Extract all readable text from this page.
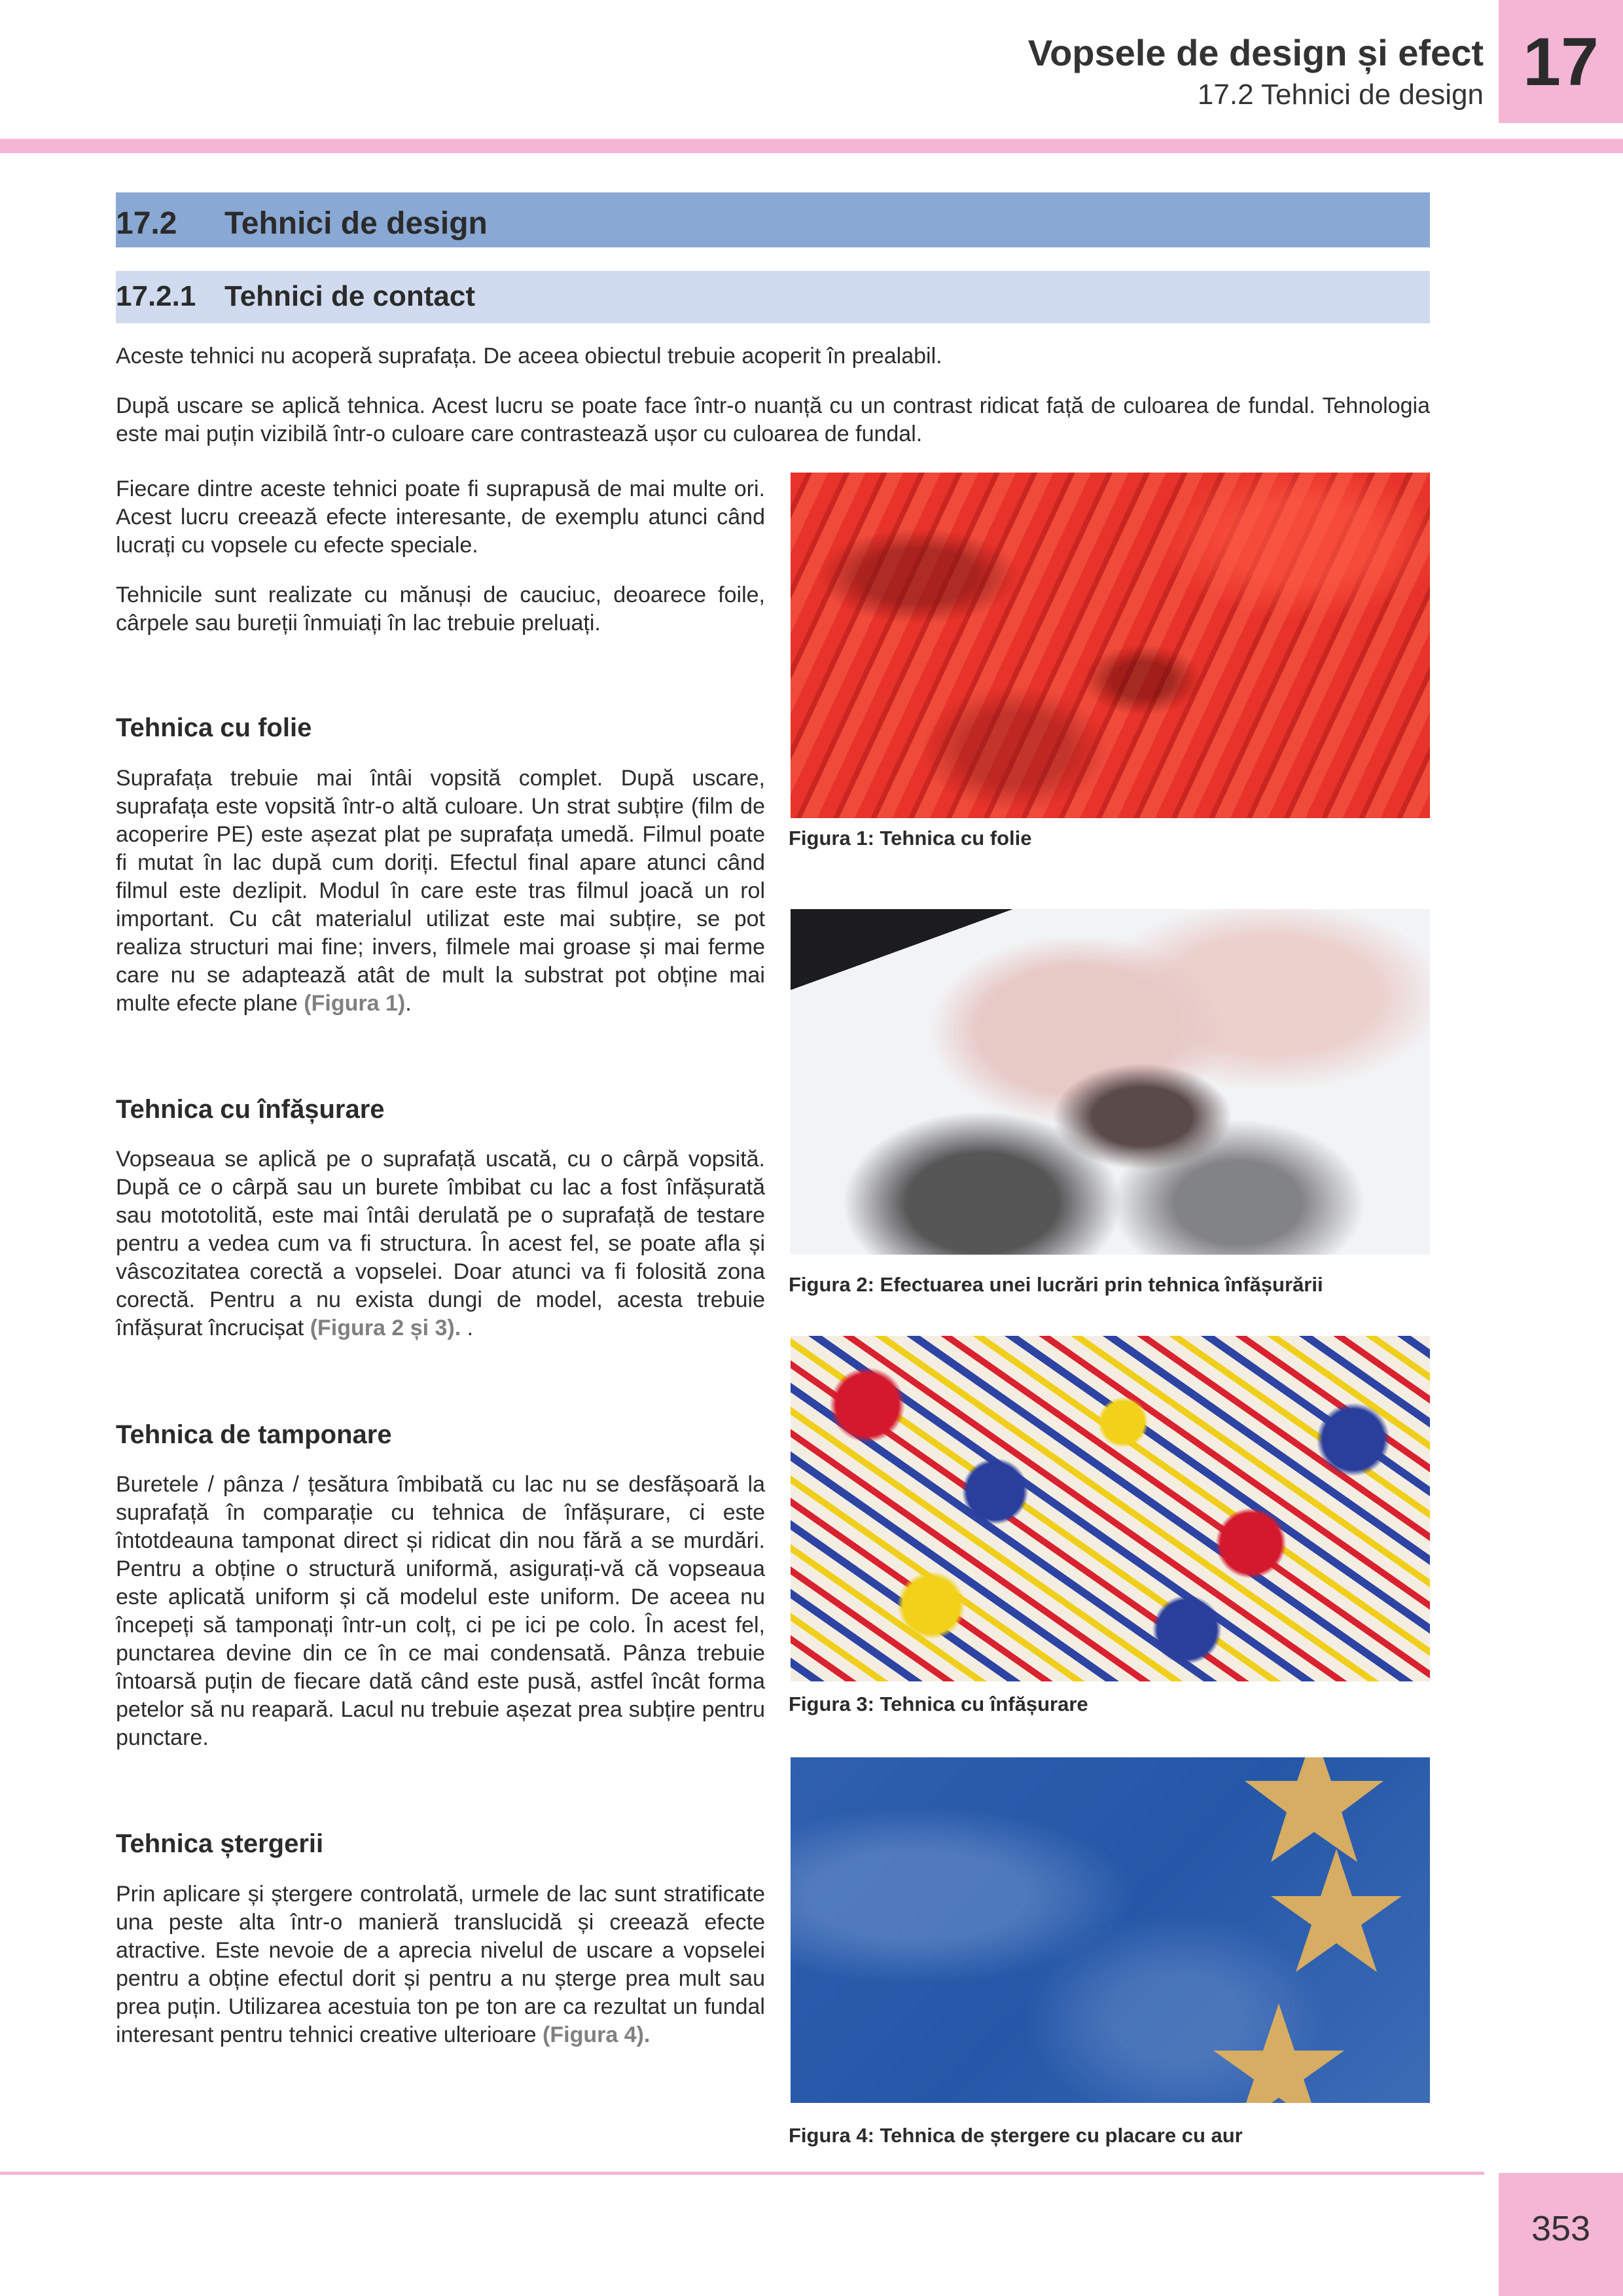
Vopsele de design și efect
17.2 Tehnici de design 17
17.2 Tehnici de design
17.2.1 Tehnici de contact

Aceste tehnici nu acoperă suprafața. De aceea obiectul trebuie acoperit în prealabil.

După uscare se aplică tehnica. Acest lucru se poate face într-o nuanță cu un contrast ridicat față de culoarea de fundal. Tehnologia este mai puțin vizibilă într-o culoare care contrastează ușor cu culoarea de fundal.

Fiecare dintre aceste tehnici poate fi suprapusă de mai multe ori. Acest lucru creează efecte interesante, de exemplu atunci când lucrați cu vopsele cu efecte speciale.

Tehnicile sunt realizate cu mănuși de cauciuc, deoarece foile, cârpele sau bureții înmuiați în lac trebuie preluați.

Tehnica cu folie

Suprafața trebuie mai întâi vopsită complet. După uscare, suprafața este vopsită într-o altă culoare. Un strat subțire (film de acoperire PE) este așezat plat pe suprafața umedă. Filmul poate fi mutat în lac după cum doriți. Efectul final apare atunci când filmul este dezlipit. Modul în care este tras filmul joacă un rol important. Cu cât materialul utilizat este mai subțire, se pot realiza structuri mai fine; invers, filmele mai groase și mai ferme care nu se adaptează atât de mult la substrat pot obține mai multe efecte plane (Figura 1).

Tehnica cu înfășurare

Vopseaua se aplică pe o suprafață uscată, cu o cârpă vopsită. După ce o cârpă sau un burete îmbibat cu lac a fost înfășurată sau mototolită, este mai întâi derulată pe o suprafață de testare pentru a vedea cum va fi structura. În acest fel, se poate afla și vâscozitatea corectă a vopselei. Doar atunci va fi folosită zona corectă. Pentru a nu exista dungi de model, acesta trebuie înfășurat încrucișat (Figura 2 și 3). .

Tehnica de tamponare

Buretele / pânza / țesătura îmbibată cu lac nu se desfășoară la suprafață în comparație cu tehnica de înfășurare, ci este întotdeauna tamponat direct și ridicat din nou fără a se murdări. Pentru a obține o structură uniformă, asigurați-vă că vopseaua este aplicată uniform și că modelul este uniform. De aceea nu începeți să tamponați într-un colț, ci pe ici pe colo. În acest fel, punctarea devine din ce în ce mai condensată. Pânza trebuie întoarsă puțin de fiecare dată când este pusă, astfel încât forma petelor să nu reapară. Lacul nu trebuie așezat prea subțire pentru punctare.

Tehnica ștergerii

Prin aplicare și ștergere controlată, urmele de lac sunt stratificate una peste alta într-o manieră translucidă și creează efecte atractive. Este nevoie de a aprecia nivelul de uscare a vopselei pentru a obține efectul dorit și pentru a nu șterge prea mult sau prea puțin. Utilizarea acestuia ton pe ton are ca rezultat un fundal interesant pentru tehnici creative ulterioare (Figura 4).

Figura 1: Tehnica cu folie
Figura 2: Efectuarea unei lucrări prin tehnica înfășurării
Figura 3: Tehnica cu înfășurare
Figura 4: Tehnica de ștergere cu placare cu aur
353
